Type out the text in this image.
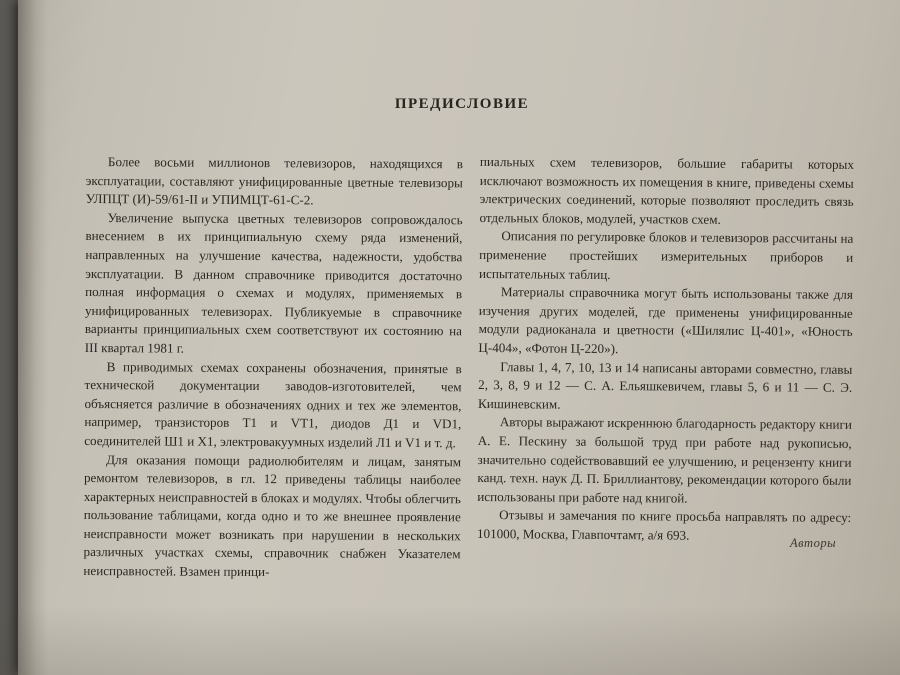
ПРЕДИСЛОВИЕ

Более восьми миллионов телевизоров, находящихся в эксплуатации, составляют унифицированные цветные телевизоры УЛПЦТ (И)-59/61-II и УПИМЦТ-61-С-2.

Увеличение выпуска цветных телевизоров сопровождалось внесением в их принципиальную схему ряда изменений, направленных на улучшение качества, надежности, удобства эксплуатации. В данном справочнике приводится достаточно полная информация о схемах и модулях, применяемых в унифицированных телевизорах. Публикуемые в справочнике варианты принципиальных схем соответствуют их состоянию на III квартал 1981 г.

В приводимых схемах сохранены обозначения, принятые в технической документации заводов-изготовителей, чем объясняется различие в обозначениях одних и тех же элементов, например, транзисторов Т1 и VT1, диодов Д1 и VD1, соединителей Ш1 и X1, электровакуумных изделий Л1 и V1 и т. д.

Для оказания помощи радиолюбителям и лицам, занятым ремонтом телевизоров, в гл. 12 приведены таблицы наиболее характерных неисправностей в блоках и модулях. Чтобы облегчить пользование таблицами, когда одно и то же внешнее проявление неисправности может возникать при нарушении в нескольких различных участках схемы, справочник снабжен Указателем неисправностей. Взамен принци-

пиальных схем телевизоров, большие габариты которых исключают возможность их помещения в книге, приведены схемы электрических соединений, которые позволяют проследить связь отдельных блоков, модулей, участков схем.

Описания по регулировке блоков и телевизоров рассчитаны на применение простейших измерительных приборов и испытательных таблиц.

Материалы справочника могут быть использованы также для изучения других моделей, где применены унифицированные модули радиоканала и цветности («Шилялис Ц-401», «Юность Ц-404», «Фотон Ц-220»).

Главы 1, 4, 7, 10, 13 и 14 написаны авторами совместно, главы 2, 3, 8, 9 и 12 — С. А. Ельяшкевичем, главы 5, 6 и 11 — С. Э. Кишиневским.

Авторы выражают искреннюю благодарность редактору книги А. Е. Пескину за большой труд при работе над рукописью, значительно содействовавший ее улучшению, и рецензенту книги канд. техн. наук Д. П. Бриллиантову, рекомендации которого были использованы при работе над книгой.

Отзывы и замечания по книге просьба направлять по адресу: 101000, Москва, Главпочтамт, а/я 693.

Авторы
